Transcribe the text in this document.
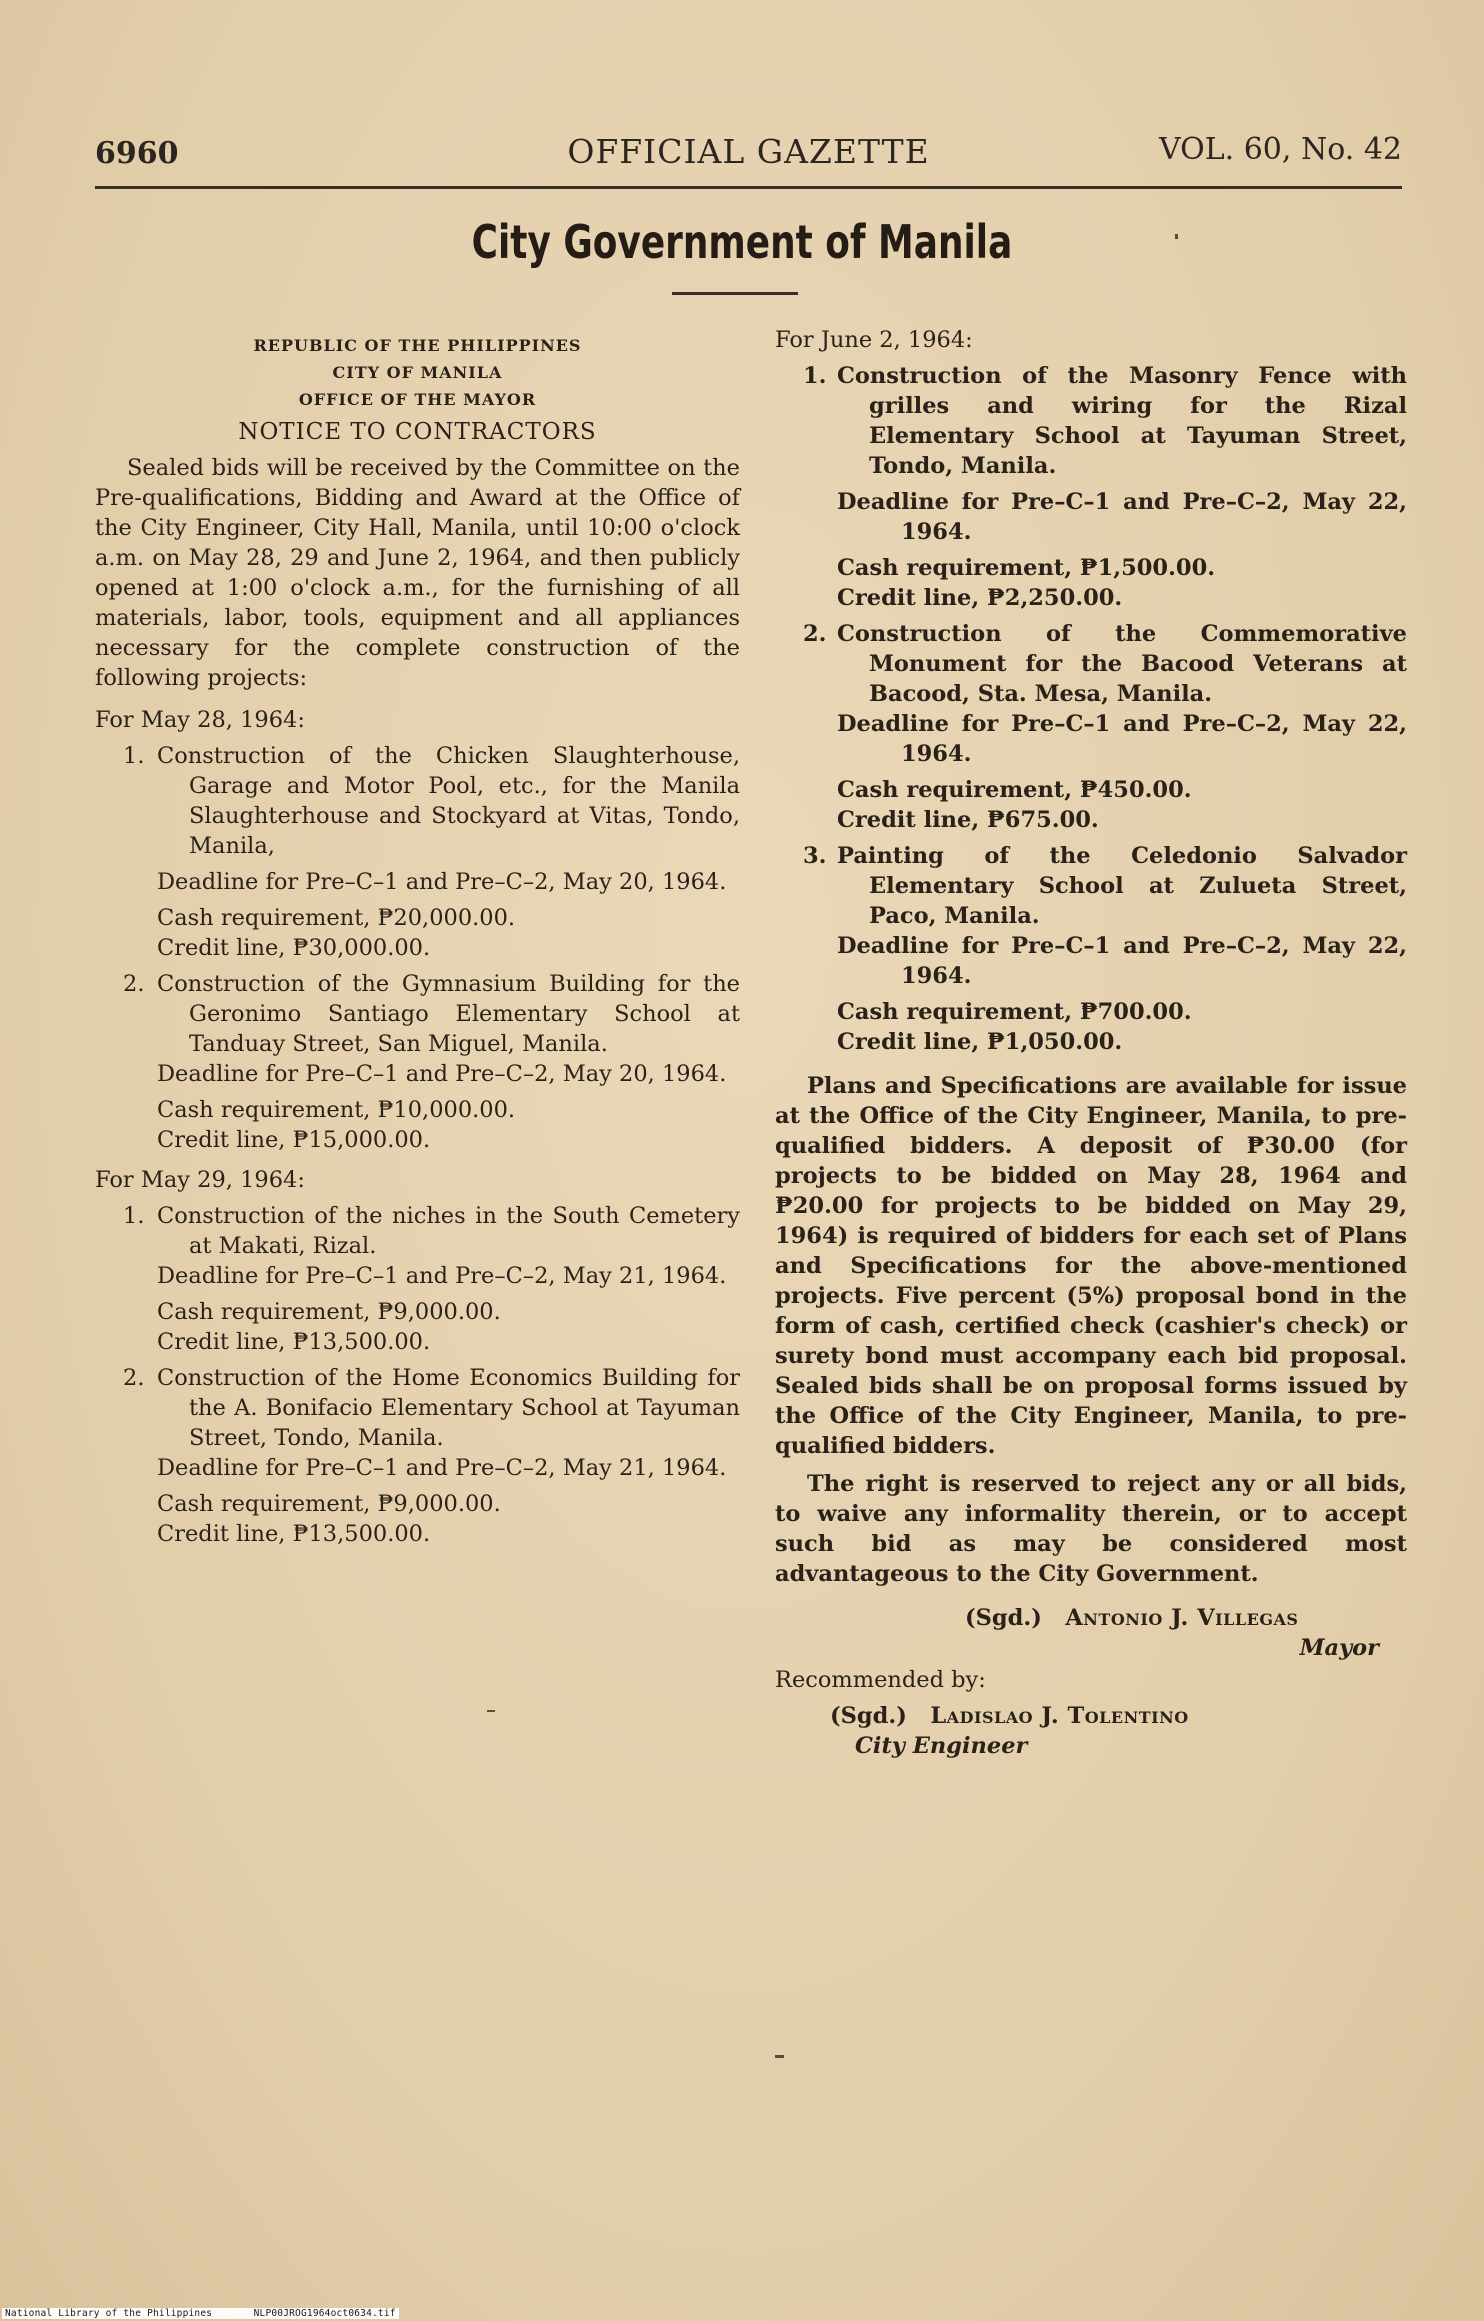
6960	OFFICIAL GAZETTE	VOL. 60, No. 42
City Government of Manila
REPUBLIC OF THE PHILIPPINES
CITY OF MANILA
OFFICE OF THE MAYOR
NOTICE TO CONTRACTORS

Sealed bids will be received by the Committee on the Pre-qualifications, Bidding and Award at the Office of the City Engineer, City Hall, Manila, until 10:00 o'clock a.m. on May 28, 29 and June 2, 1964, and then publicly opened at 1:00 o'clock a.m., for the furnishing of all materials, labor, tools, equipment and all appliances necessary for the complete construction of the following projects:

For May 28, 1964:
1. Construction of the Chicken Slaughterhouse, Garage and Motor Pool, etc., for the Manila Slaughterhouse and Stockyard at Vitas, Tondo, Manila,
Deadline for Pre–C–1 and Pre–C–2, May 20, 1964.
Cash requirement, ₱20,000.00.
Credit line, ₱30,000.00.
2. Construction of the Gymnasium Building for the Geronimo Santiago Elementary School at Tanduay Street, San Miguel, Manila.
Deadline for Pre–C–1 and Pre–C–2, May 20, 1964.
Cash requirement, ₱10,000.00.
Credit line, ₱15,000.00.
For May 29, 1964:
1. Construction of the niches in the South Cemetery at Makati, Rizal.
Deadline for Pre–C–1 and Pre–C–2, May 21, 1964.
Cash requirement, ₱9,000.00.
Credit line, ₱13,500.00.
2. Construction of the Home Economics Building for the A. Bonifacio Elementary School at Tayuman Street, Tondo, Manila.
Deadline for Pre–C–1 and Pre–C–2, May 21, 1964.
Cash requirement, ₱9,000.00.
Credit line, ₱13,500.00.
For June 2, 1964:
1. Construction of the Masonry Fence with grilles and wiring for the Rizal Elementary School at Tayuman Street, Tondo, Manila.
Deadline for Pre–C–1 and Pre–C–2, May 22, 1964.
Cash requirement, ₱1,500.00.
Credit line, ₱2,250.00.
2. Construction of the Commemorative Monument for the Bacood Veterans at Bacood, Sta. Mesa, Manila.
Deadline for Pre–C–1 and Pre–C–2, May 22, 1964.
Cash requirement, ₱450.00.
Credit line, ₱675.00.
3. Painting of the Celedonio Salvador Elementary School at Zulueta Street, Paco, Manila.
Deadline for Pre–C–1 and Pre–C–2, May 22, 1964.
Cash requirement, ₱700.00.
Credit line, ₱1,050.00.

Plans and Specifications are available for issue at the Office of the City Engineer, Manila, to pre-qualified bidders. A deposit of ₱30.00 (for projects to be bidded on May 28, 1964 and ₱20.00 for projects to be bidded on May 29, 1964) is required of bidders for each set of Plans and Specifications for the above-mentioned projects. Five percent (5%) proposal bond in the form of cash, certified check (cashier's check) or surety bond must accompany each bid proposal. Sealed bids shall be on proposal forms issued by the Office of the City Engineer, Manila, to pre-qualified bidders.

The right is reserved to reject any or all bids, to waive any informality therein, or to accept such bid as may be considered most advantageous to the City Government.

(Sgd.) Antonio J. Villegas
Mayor
Recommended by:
(Sgd.) Ladislao J. Tolentino
City Engineer
National Library of the Philippines	NLP00JROG1964oct0634.tif
